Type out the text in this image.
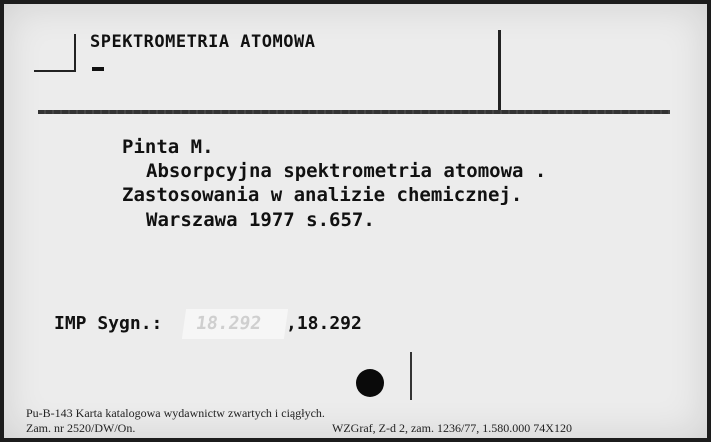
SPEKTROMETRIA ATOMOWA
Pinta M.
Absorpcyjna spektrometria atomowa .
Zastosowania w analizie chemicznej.
Warszawa 1977 s.657.
IMP Sygn.:	18.292	,18.292
Pu-B-143 Karta katalogowa wydawnictw zwartych i ciągłych.
Zam. nr 2520/DW/On.	WZGraf, Z-d 2, zam. 1236/77, 1.580.000 74X120
